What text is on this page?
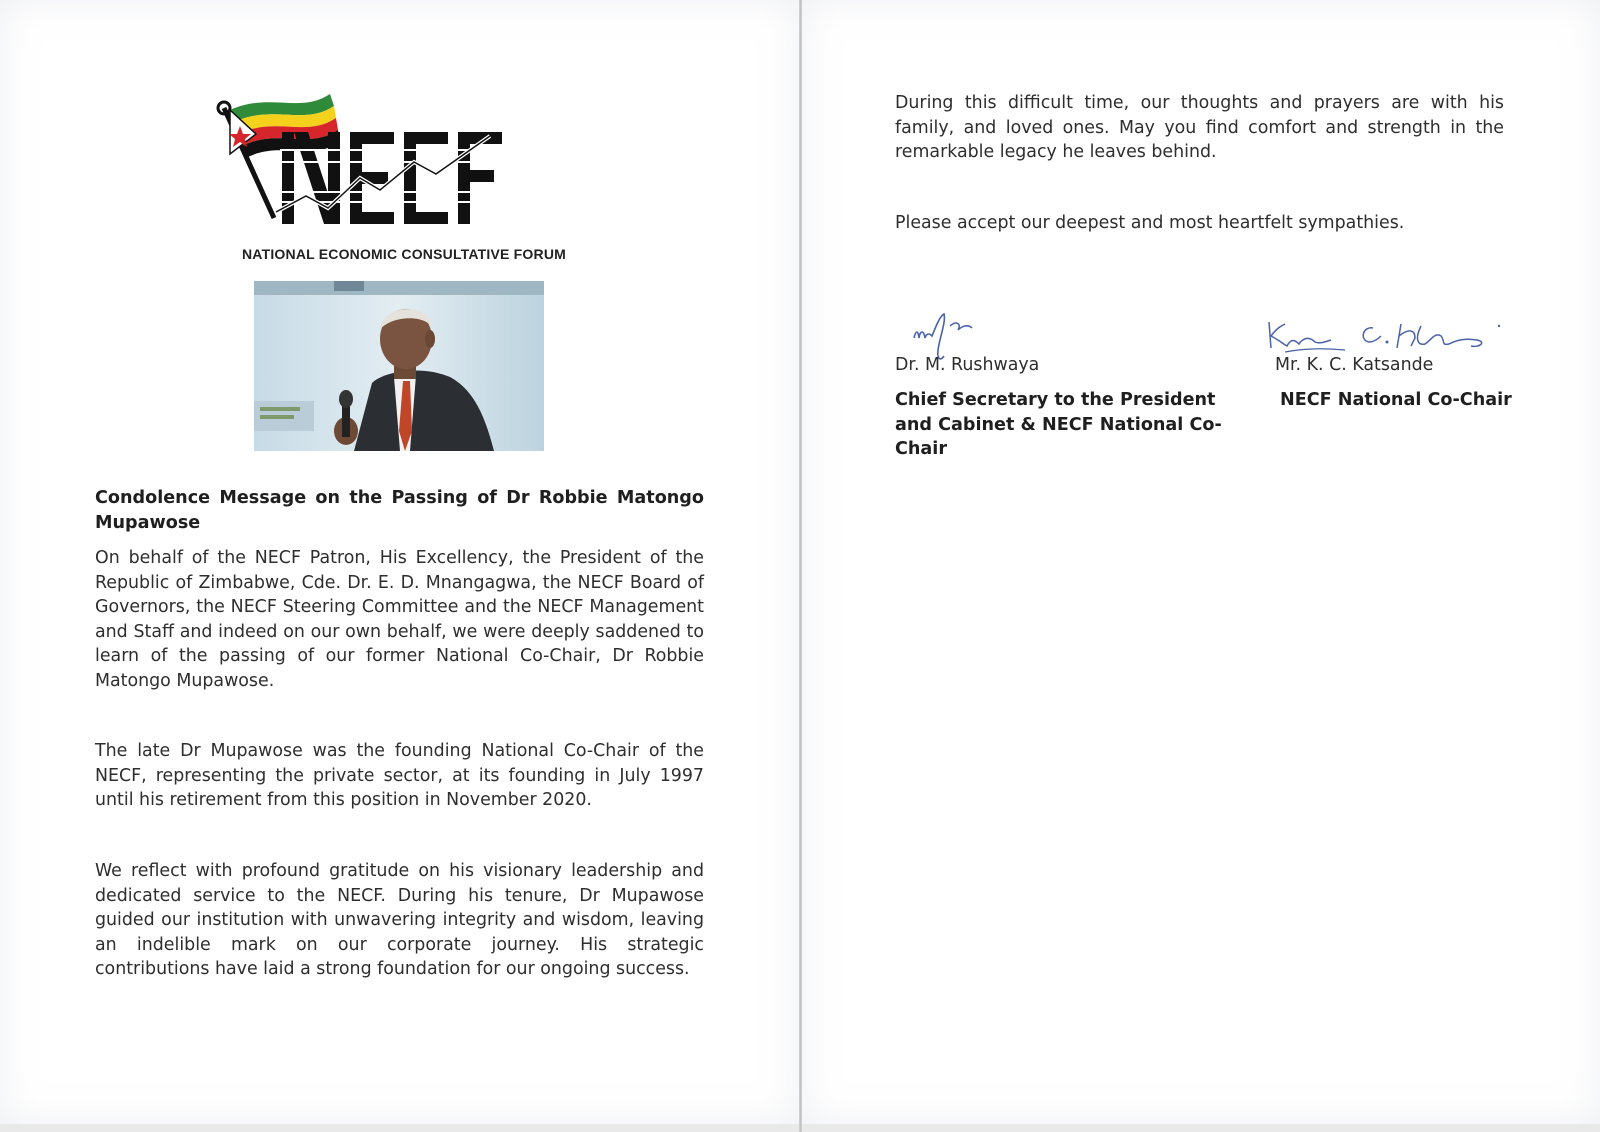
NATIONAL ECONOMIC CONSULTATIVE FORUM
Condolence Message on the Passing of Dr Robbie Matongo Mupawose
On behalf of the NECF Patron, His Excellency, the President of the Republic of Zimbabwe, Cde. Dr. E. D. Mnangagwa, the NECF Board of Governors, the NECF Steering Committee and the NECF Management and Staff and indeed on our own behalf, we were deeply saddened to learn of the passing of our former National Co-Chair, Dr Robbie Matongo Mupawose.
The late Dr Mupawose was the founding National Co-Chair of the NECF, representing the private sector, at its founding in July 1997 until his retirement from this position in November 2020.
We reflect with profound gratitude on his visionary leadership and dedicated service to the NECF. During his tenure, Dr Mupawose guided our institution with unwavering integrity and wisdom, leaving an indelible mark on our corporate journey. His strategic contributions have laid a strong foundation for our ongoing success.
During this difficult time, our thoughts and prayers are with his family, and loved ones. May you find comfort and strength in the remarkable legacy he leaves behind.
Please accept our deepest and most heartfelt sympathies.
Dr. M. Rushwaya	Mr. K. C. Katsande
Chief Secretary to the President and Cabinet & NECF National Co-Chair
NECF National Co-Chair
